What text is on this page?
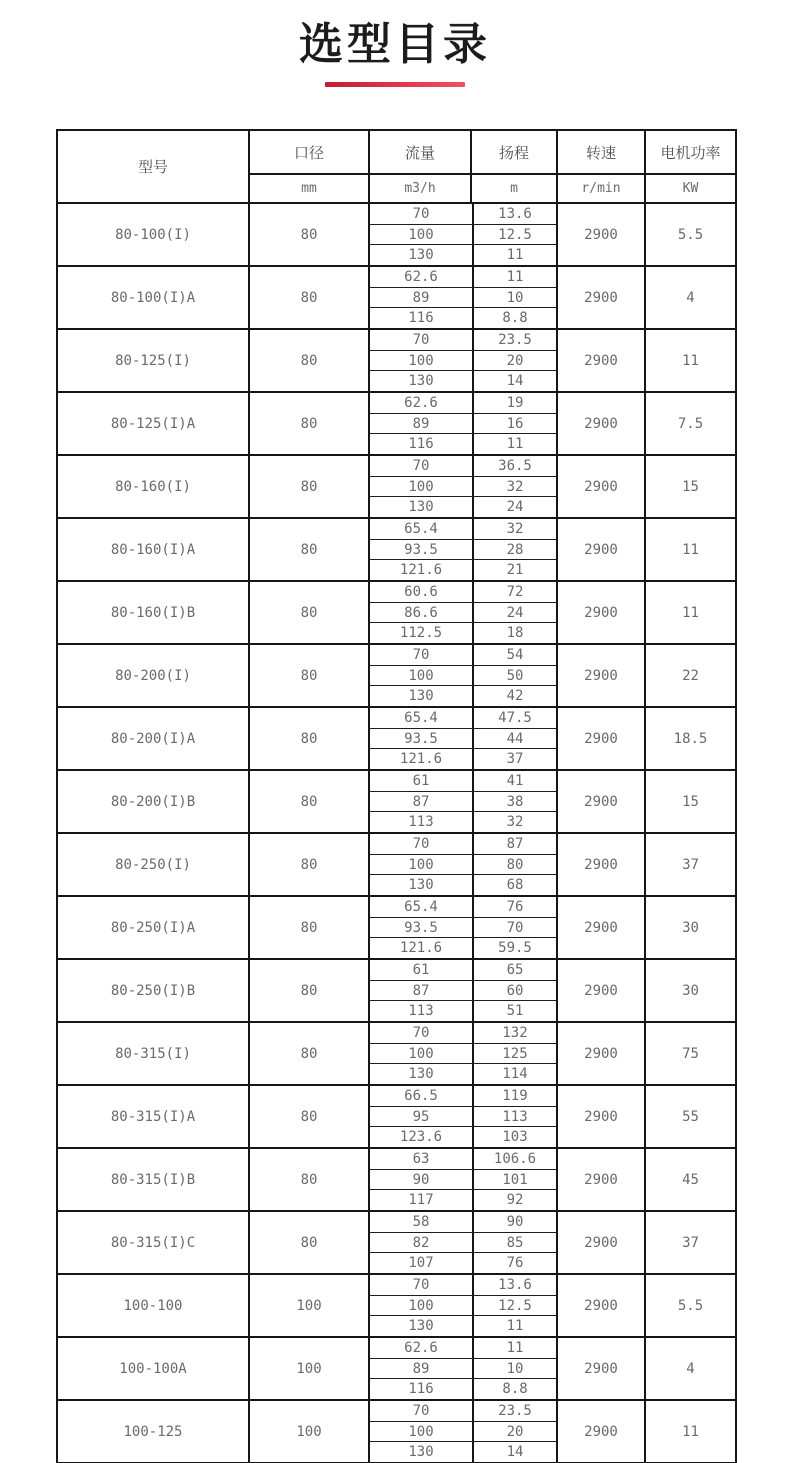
选型目录
型号
口径	流量	扬程	转速	电机功率
mm	m3/h	m	r/min	KW
80-100(I)	80
70	13.6
100	12.5
130	11
2900	5.5
80-100(I)A	80
62.6	11
89	10
116	8.8
2900	4
80-125(I)	80
70	23.5
100	20
130	14
2900	11
80-125(I)A	80
62.6	19
89	16
116	11
2900	7.5
80-160(I)	80
70	36.5
100	32
130	24
2900	15
80-160(I)A	80
65.4	32
93.5	28
121.6	21
2900	11
80-160(I)B	80
60.6	72
86.6	24
112.5	18
2900	11
80-200(I)	80
70	54
100	50
130	42
2900	22
80-200(I)A	80
65.4	47.5
93.5	44
121.6	37
2900	18.5
80-200(I)B	80
61	41
87	38
113	32
2900	15
80-250(I)	80
70	87
100	80
130	68
2900	37
80-250(I)A	80
65.4	76
93.5	70
121.6	59.5
2900	30
80-250(I)B	80
61	65
87	60
113	51
2900	30
80-315(I)	80
70	132
100	125
130	114
2900	75
80-315(I)A	80
66.5	119
95	113
123.6	103
2900	55
80-315(I)B	80
63	106.6
90	101
117	92
2900	45
80-315(I)C	80
58	90
82	85
107	76
2900	37
100-100	100
70	13.6
100	12.5
130	11
2900	5.5
100-100A	100
62.6	11
89	10
116	8.8
2900	4
100-125	100
70	23.5
100	20
130	14
2900	11
